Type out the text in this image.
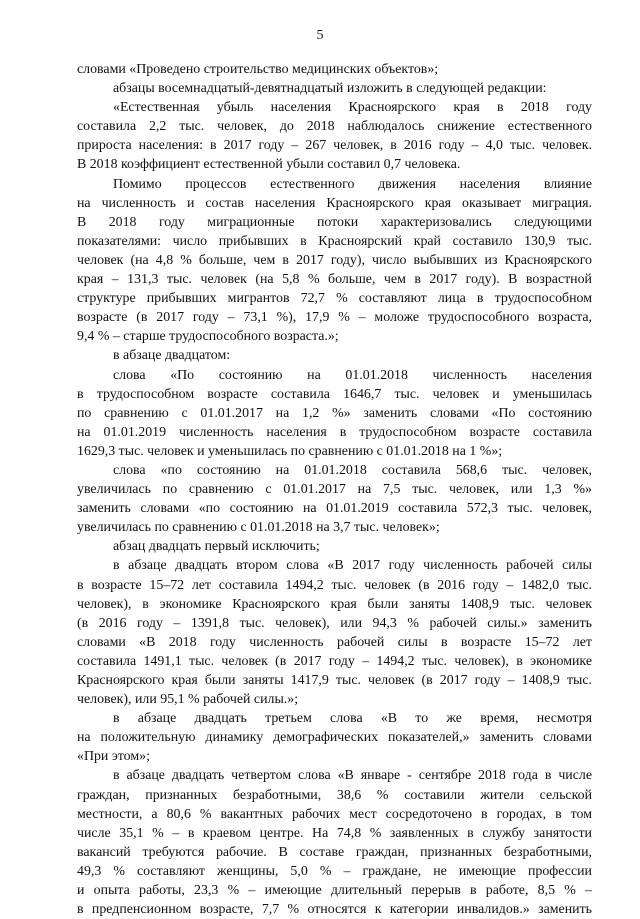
5
словами «Проведено строительство медицинских объектов»;
абзацы восемнадцатый-девятнадцатый изложить в следующей редакции:
«Естественная убыль населения Красноярского края в 2018 году
составила 2,2 тыс. человек, до 2018 наблюдалось снижение естественного
прироста населения: в 2017 году – 267 человек, в 2016 году – 4,0 тыс. человек.
В 2018 коэффициент естественной убыли составил 0,7 человека.
Помимо процессов естественного движения населения влияние
на численность и состав населения Красноярского края оказывает миграция.
В 2018 году миграционные потоки характеризовались следующими
показателями: число прибывших в Красноярский край составило 130,9 тыс.
человек (на 4,8 % больше, чем в 2017 году), число выбывших из Красноярского
края – 131,3 тыс. человек (на 5,8 % больше, чем в 2017 году). В возрастной
структуре прибывших мигрантов 72,7 % составляют лица в трудоспособном
возрасте (в 2017 году – 73,1 %), 17,9 % – моложе трудоспособного возраста,
9,4 % – старше трудоспособного возраста.»;
в абзаце двадцатом:
слова «По состоянию на 01.01.2018 численность населения
в трудоспособном возрасте составила 1646,7 тыс. человек и уменьшилась
по сравнению с 01.01.2017 на 1,2 %» заменить словами «По состоянию
на 01.01.2019 численность населения в трудоспособном возрасте составила
1629,3 тыс. человек и уменьшилась по сравнению с 01.01.2018 на 1 %»;
слова «по состоянию на 01.01.2018 составила 568,6 тыс. человек,
увеличилась по сравнению с 01.01.2017 на 7,5 тыс. человек, или 1,3 %»
заменить словами «по состоянию на 01.01.2019 составила 572,3 тыс. человек,
увеличилась по сравнению с 01.01.2018 на 3,7 тыс. человек»;
абзац двадцать первый исключить;
в абзаце двадцать втором слова «В 2017 году численность рабочей силы
в возрасте 15–72 лет составила 1494,2 тыс. человек (в 2016 году – 1482,0 тыс.
человек), в экономике Красноярского края были заняты 1408,9 тыс. человек
(в 2016 году – 1391,8 тыс. человек), или 94,3 % рабочей силы.» заменить
словами «В 2018 году численность рабочей силы в возрасте 15–72 лет
составила 1491,1 тыс. человек (в 2017 году – 1494,2 тыс. человек), в экономике
Красноярского края были заняты 1417,9 тыс. человек (в 2017 году – 1408,9 тыс.
человек), или 95,1 % рабочей силы.»;
в абзаце двадцать третьем слова «В то же время, несмотря
на положительную динамику демографических показателей,» заменить словами
«При этом»;
в абзаце двадцать четвертом слова «В январе - сентябре 2018 года в числе
граждан, признанных безработными, 38,6 % составили жители сельской
местности, а 80,6 % вакантных рабочих мест сосредоточено в городах, в том
числе 35,1 % – в краевом центре. На 74,8 % заявленных в службу занятости
вакансий требуются рабочие. В составе граждан, признанных безработными,
49,3 % составляют женщины, 5,0 % – граждане, не имеющие профессии
и опыта работы, 23,3 % – имеющие длительный перерыв в работе, 8,5 % –
в предпенсионном возрасте, 7,7 % относятся к категории инвалидов.» заменить
